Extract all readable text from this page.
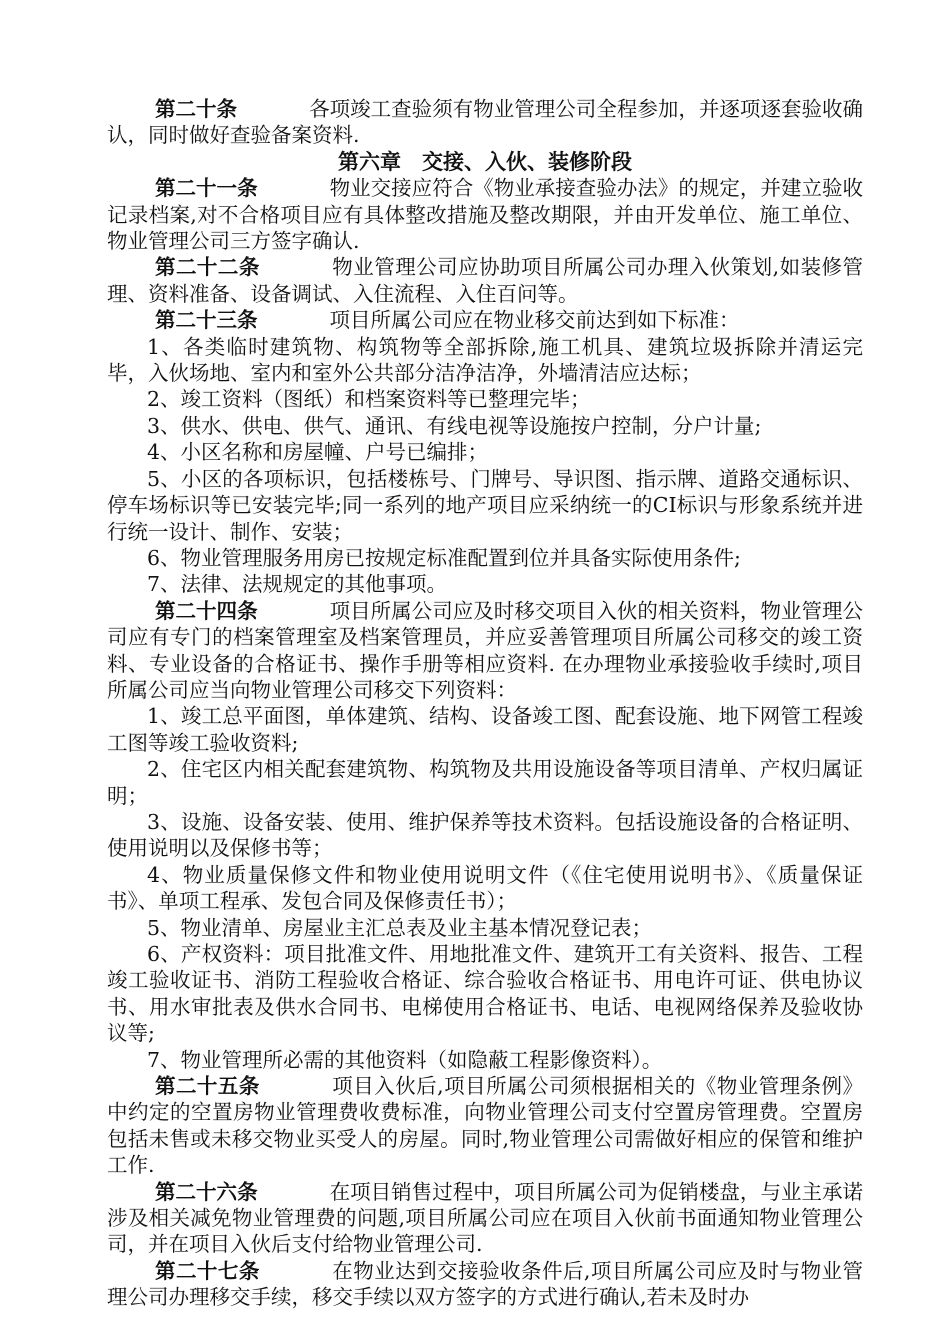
第二十条	各项竣工查验须有物业管理公司全程参加，并逐项逐套验收确认，同时做好查验备案资料.

第六章　交接、入伙、装修阶段

第二十一条	物业交接应符合《物业承接查验办法》的规定，并建立验收记录档案,对不合格项目应有具体整改措施及整改期限，并由开发单位、施工单位、物业管理公司三方签字确认.

第二十二条	物业管理公司应协助项目所属公司办理入伙策划,如装修管理、资料准备、设备调试、入住流程、入住百问等。

第二十三条	项目所属公司应在物业移交前达到如下标准：

1、各类临时建筑物、构筑物等全部拆除,施工机具、建筑垃圾拆除并清运完毕，入伙场地、室内和室外公共部分洁净洁净，外墙清洁应达标；

2、竣工资料（图纸）和档案资料等已整理完毕；

3、供水、供电、供气、通讯、有线电视等设施按户控制，分户计量;

4、小区名称和房屋幢、户号已编排；

5、小区的各项标识，包括楼栋号、门牌号、导识图、指示牌、道路交通标识、停车场标识等已安装完毕;同一系列的地产项目应采纳统一的CI标识与形象系统并进行统一设计、制作、安装；

6、物业管理服务用房已按规定标准配置到位并具备实际使用条件;

7、法律、法规规定的其他事项。

第二十四条	项目所属公司应及时移交项目入伙的相关资料，物业管理公司应有专门的档案管理室及档案管理员，并应妥善管理项目所属公司移交的竣工资料、专业设备的合格证书、操作手册等相应资料. 在办理物业承接验收手续时,项目所属公司应当向物业管理公司移交下列资料：

1、竣工总平面图，单体建筑、结构、设备竣工图、配套设施、地下网管工程竣工图等竣工验收资料;

2、住宅区内相关配套建筑物、构筑物及共用设施设备等项目清单、产权归属证明；

3、设施、设备安装、使用、维护保养等技术资料。包括设施设备的合格证明、使用说明以及保修书等；

4、物业质量保修文件和物业使用说明文件（《住宅使用说明书》、《质量保证书》、单项工程承、发包合同及保修责任书）；

5、物业清单、房屋业主汇总表及业主基本情况登记表；

6、产权资料：项目批准文件、用地批准文件、建筑开工有关资料、报告、工程竣工验收证书、消防工程验收合格证、综合验收合格证书、用电许可证、供电协议书、用水审批表及供水合同书、电梯使用合格证书、电话、电视网络保养及验收协议等;

7、物业管理所必需的其他资料（如隐蔽工程影像资料）。

第二十五条	项目入伙后,项目所属公司须根据相关的《物业管理条例》中约定的空置房物业管理费收费标准，向物业管理公司支付空置房管理费。空置房包括未售或未移交物业买受人的房屋。同时,物业管理公司需做好相应的保管和维护工作.

第二十六条	在项目销售过程中，项目所属公司为促销楼盘，与业主承诺涉及相关减免物业管理费的问题,项目所属公司应在项目入伙前书面通知物业管理公司，并在项目入伙后支付给物业管理公司.

第二十七条	在物业达到交接验收条件后,项目所属公司应及时与物业管理公司办理移交手续，移交手续以双方签字的方式进行确认,若未及时办
